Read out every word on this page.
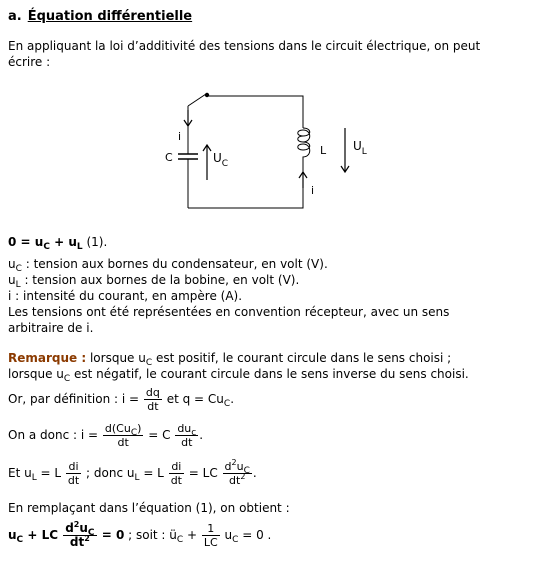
a. Équation différentielle
En appliquant la loi d’additivité des tensions dans le circuit électrique, on peut
écrire :
i
C	$U_C$
L $U_L$
i
$0 = u_C + u_L$ (1).
$u_C$ : tension aux bornes du condensateur, en volt (V).
$u_L$ : tension aux bornes de la bobine, en volt (V).
i : intensité du courant, en ampère (A).
Les tensions ont été représentées en convention récepteur, avec un sens
arbitraire de i.
Remarque : lorsque $u_C$ est positif, le courant circule dans le sens choisi ;
lorsque $u_C$ est négatif, le courant circule dans le sens inverse du sens choisi.
Or, par définition : $i = \frac{dq}{dt}$ et $q = Cu_C$.
On a donc : $i = \frac{d(Cu_C)}{dt} = C \frac{du_c}{dt}$ .
Et $u_L = L \frac{di}{dt}$ ; donc $u_L = L \frac{di}{dt}$ = LC $\frac{d^2u_C}{dt^2}$ .
En remplaçant dans l’équation (1), on obtient :
$u_C$ + LC $\frac{d^2u_C}{dt^2} = 0$ ; soit : $ü_C + \frac{1}{LC} u_C = 0$ .
